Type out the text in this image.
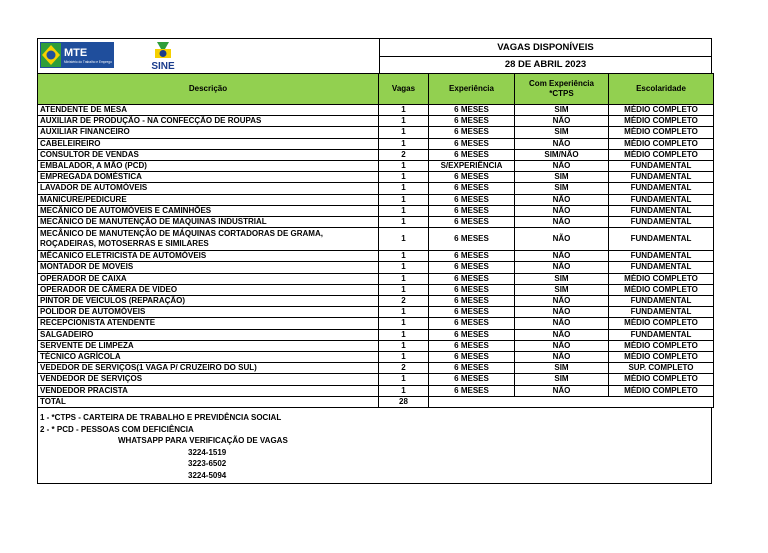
MTE
Ministério do Trabalho e Emprego	SINE
VAGAS DISPONÍVEIS
28 DE ABRIL 2023
Descrição	Vagas	Experiência	Com Experiência *CTPS	Escolaridade
ATENDENTE DE MESA	1	6 MESES	SIM	MÉDIO COMPLETO
AUXILIAR DE PRODUÇÃO - NA CONFECÇÃO DE ROUPAS	1	6 MESES	NÃO	MÉDIO COMPLETO
AUXILIAR FINANCEIRO	1	6 MESES	SIM	MÉDIO COMPLETO
CABELEIREIRO	1	6 MESES	NÃO	MÉDIO COMPLETO
CONSULTOR DE VENDAS	2	6 MESES	SIM/NÃO	MÉDIO COMPLETO
EMBALADOR, A MÃO (PCD)	1	S/EXPERIÊNCIA	NÃO	FUNDAMENTAL
EMPREGADA DOMÉSTICA	1	6 MESES	SIM	FUNDAMENTAL
LAVADOR DE AUTOMÓVEIS	1	6 MESES	SIM	FUNDAMENTAL
MANICURE/PEDICURE	1	6 MESES	NÃO	FUNDAMENTAL
MECÂNICO DE AUTOMÓVEIS E CAMINHÕES	1	6 MESES	NÃO	FUNDAMENTAL
MECÂNICO DE MANUTENÇÃO DE MAQUINAS INDUSTRIAL	1	6 MESES	NÃO	FUNDAMENTAL
MECÂNICO DE MANUTENÇÃO DE MÁQUINAS CORTADORAS DE GRAMA, ROÇADEIRAS, MOTOSERRAS E SIMILARES	1	6 MESES	NÃO	FUNDAMENTAL
MÊCANICO ELETRICISTA DE AUTOMÓVEIS	1	6 MESES	NÃO	FUNDAMENTAL
MONTADOR DE MOVEIS	1	6 MESES	NÃO	FUNDAMENTAL
OPERADOR DE CAIXA	1	6 MESES	SIM	MÉDIO COMPLETO
OPERADOR DE CÂMERA DE VIDEO	1	6 MESES	SIM	MÉDIO COMPLETO
PINTOR DE VEICULOS (REPARAÇÃO)	2	6 MESES	NÃO	FUNDAMENTAL
POLIDOR DE AUTOMÓVEIS	1	6 MESES	NÃO	FUNDAMENTAL
RECEPCIONISTA ATENDENTE	1	6 MESES	NÃO	MÉDIO COMPLETO
SALGADEIRO	1	6 MESES	NÃO	FUNDAMENTAL
SERVENTE DE LIMPEZA	1	6 MESES	NÃO	MÉDIO COMPLETO
TÉCNICO AGRÍCOLA	1	6 MESES	NÃO	MÉDIO COMPLETO
VEDEDOR DE SERVIÇOS(1 VAGA P/ CRUZEIRO DO SUL)	2	6 MESES	SIM	SUP. COMPLETO
VENDEDOR DE SERVIÇOS	1	6 MESES	SIM	MÉDIO COMPLETO
VENDEDOR PRACISTA	1	6 MESES	NÃO	MÉDIO COMPLETO
TOTAL	28			
1 - *CTPS - CARTEIRA DE TRABALHO E PREVIDÊNCIA SOCIAL
2 - * PCD - PESSOAS COM DEFICIÊNCIA
WHATSAPP PARA VERIFICAÇÃO DE VAGAS
3224-1519
3223-6502
3224-5094
